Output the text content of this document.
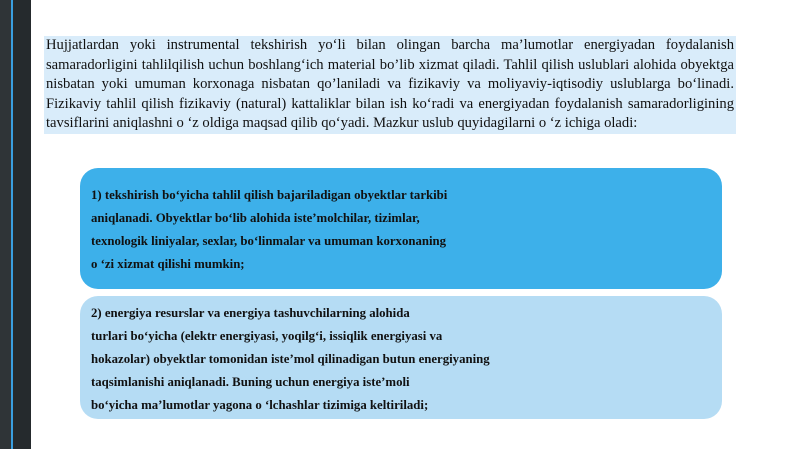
Hujjatlardan yoki instrumental tekshirish yo‘li bilan olingan barcha ma’lumotlar energiyadan foydalanish samaradorligini tahlilqilish uchun boshlang‘ich material bo’lib xizmat qiladi. Tahlil qilish uslublari alohida obyektga nisbatan yoki umuman korxonaga nisbatan qo’laniladi va fizikaviy va moliyaviy-iqtisodiy uslublarga bo‘linadi. Fizikaviy tahlil qilish fizikaviy (natural) kattaliklar bilan ish ko‘radi va energiyadan foydalanish samaradorligining tavsiflarini aniqlashni o ‘z oldiga maqsad qilib qo‘yadi. Mazkur uslub quyidagilarni o ‘z ichiga oladi:
1) tekshirish bo‘yicha tahlil qilish bajariladigan obyektlar tarkibi
aniqlanadi. Obyektlar bo‘lib alohida iste’molchilar, tizimlar,
texnologik liniyalar, sexlar, bo‘linmalar va umuman korxonaning
o ‘zi xizmat qilishi mumkin;
2) energiya resurslar va energiya tashuvchilarning alohida
turlari bo‘yicha (elektr energiyasi, yoqilg‘i, issiqlik energiyasi va
hokazolar) obyektlar tomonidan iste’mol qilinadigan butun energiyaning
taqsimlanishi aniqlanadi. Buning uchun energiya iste’moli
bo‘yicha ma’lumotlar yagona o ‘lchashlar tizimiga keltiriladi;
